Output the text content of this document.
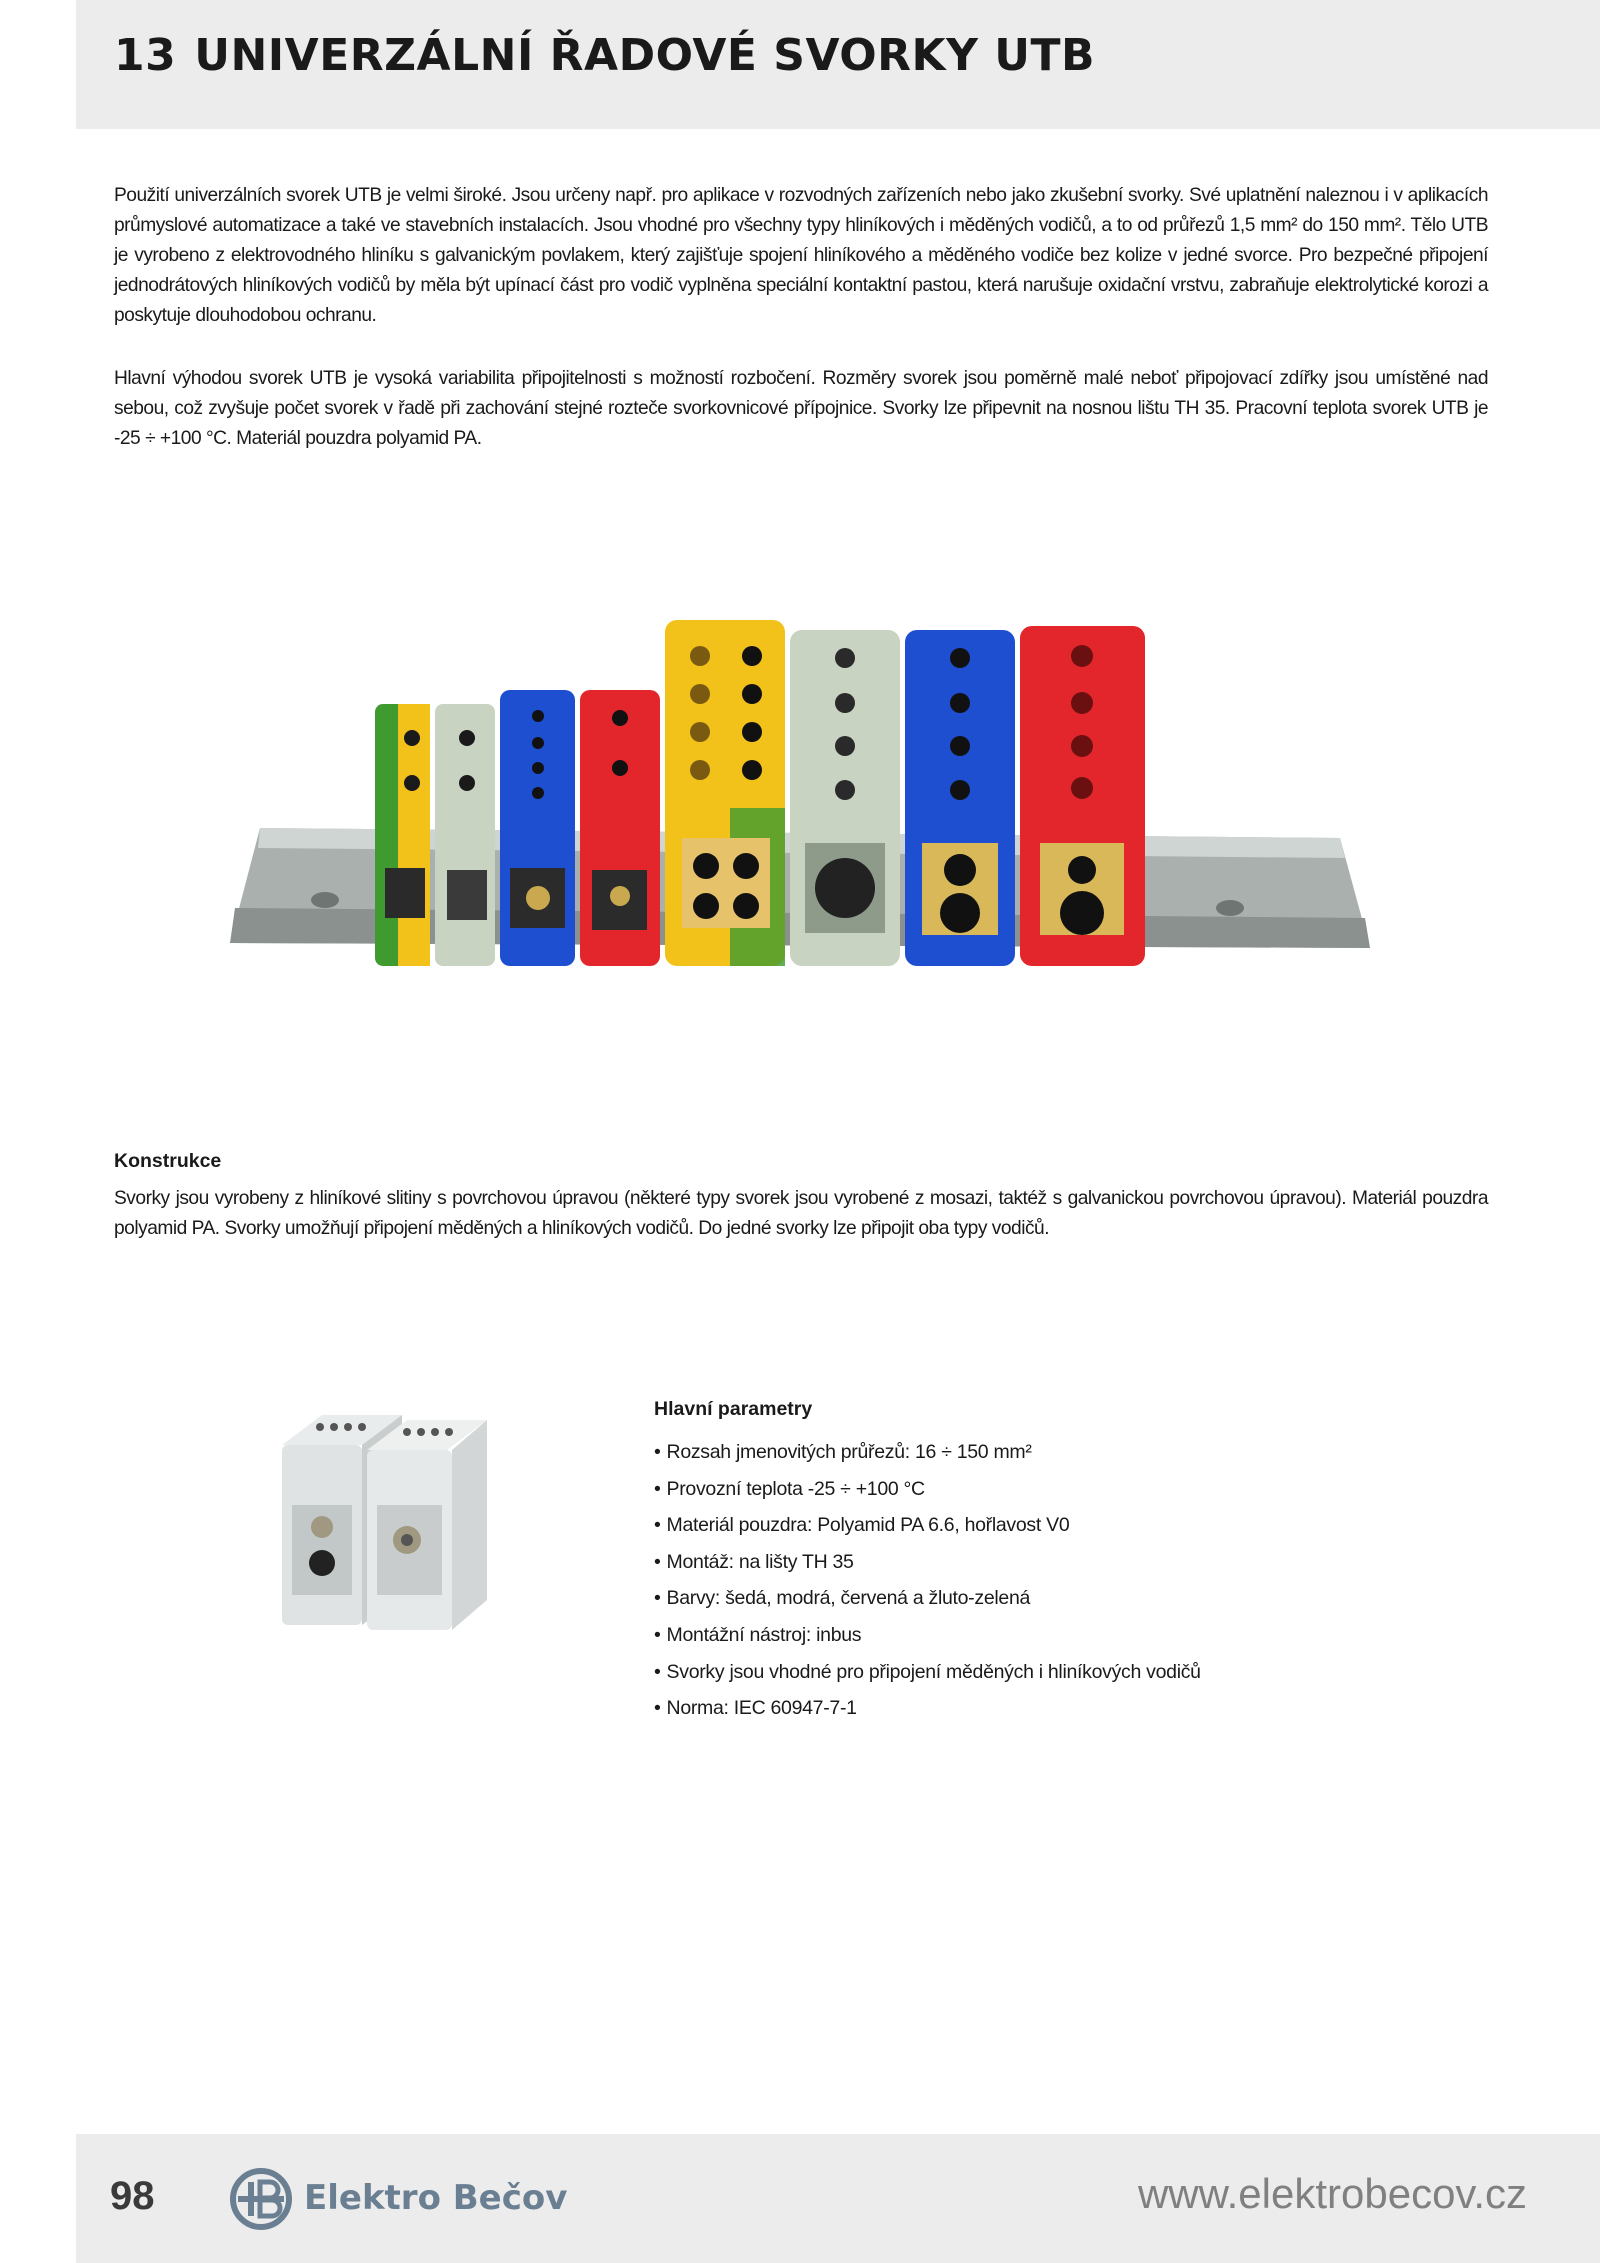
13 UNIVERZÁLNÍ ŘADOVÉ SVORKY UTB

Použití univerzálních svorek UTB je velmi široké. Jsou určeny např. pro aplikace v rozvodných zařízeních nebo jako zkušební svorky. Své uplatnění naleznou i v aplikacích průmyslové automatizace a také ve stavebních instalacích. Jsou vhodné pro všechny typy hliníkových i měděných vodičů, a to od průřezů 1,5 mm² do 150 mm². Tělo UTB je vyrobeno z elektrovodného hliníku s galvanickým povlakem, který zajišťuje spojení hliníkového a měděného vodiče bez kolize v jedné svorce. Pro bezpečné připojení jednodrátových hliníkových vodičů by měla být upínací část pro vodič vyplněna speciální kontaktní pastou, která narušuje oxidační vrstvu, zabraňuje elektrolytické korozi a poskytuje dlouhodobou ochranu.

Hlavní výhodou svorek UTB je vysoká variabilita připojitelnosti s možností rozbočení. Rozměry svorek jsou poměrně malé neboť připojovací zdířky jsou umístěné nad sebou, což zvyšuje počet svorek v řadě při zachování stejné rozteče svorkovnicové přípojnice. Svorky lze připevnit na nosnou lištu TH 35. Pracovní teplota svorek UTB je -25 ÷ +100 °C. Materiál pouzdra polyamid PA.

Konstrukce

Svorky jsou vyrobeny z hliníkové slitiny s povrchovou úpravou (některé typy svorek jsou vyrobené z mosazi, taktéž s galvanickou povrchovou úpravou). Materiál pouzdra polyamid PA. Svorky umožňují připojení měděných a hliníkových vodičů. Do jedné svorky lze připojit oba typy vodičů.

Hlavní parametry
• Rozsah jmenovitých průřezů: 16 ÷ 150 mm²
• Provozní teplota -25 ÷ +100 °C
• Materiál pouzdra: Polyamid PA 6.6, hořlavost V0
• Montáž: na lišty TH 35
• Barvy: šedá, modrá, červená a žluto-zelená
• Montážní nástroj: inbus
• Svorky jsou vhodné pro připojení měděných i hliníkových vodičů
• Norma: IEC 60947-7-1
98	Elektro Bečov	www.elektrobecov.cz
